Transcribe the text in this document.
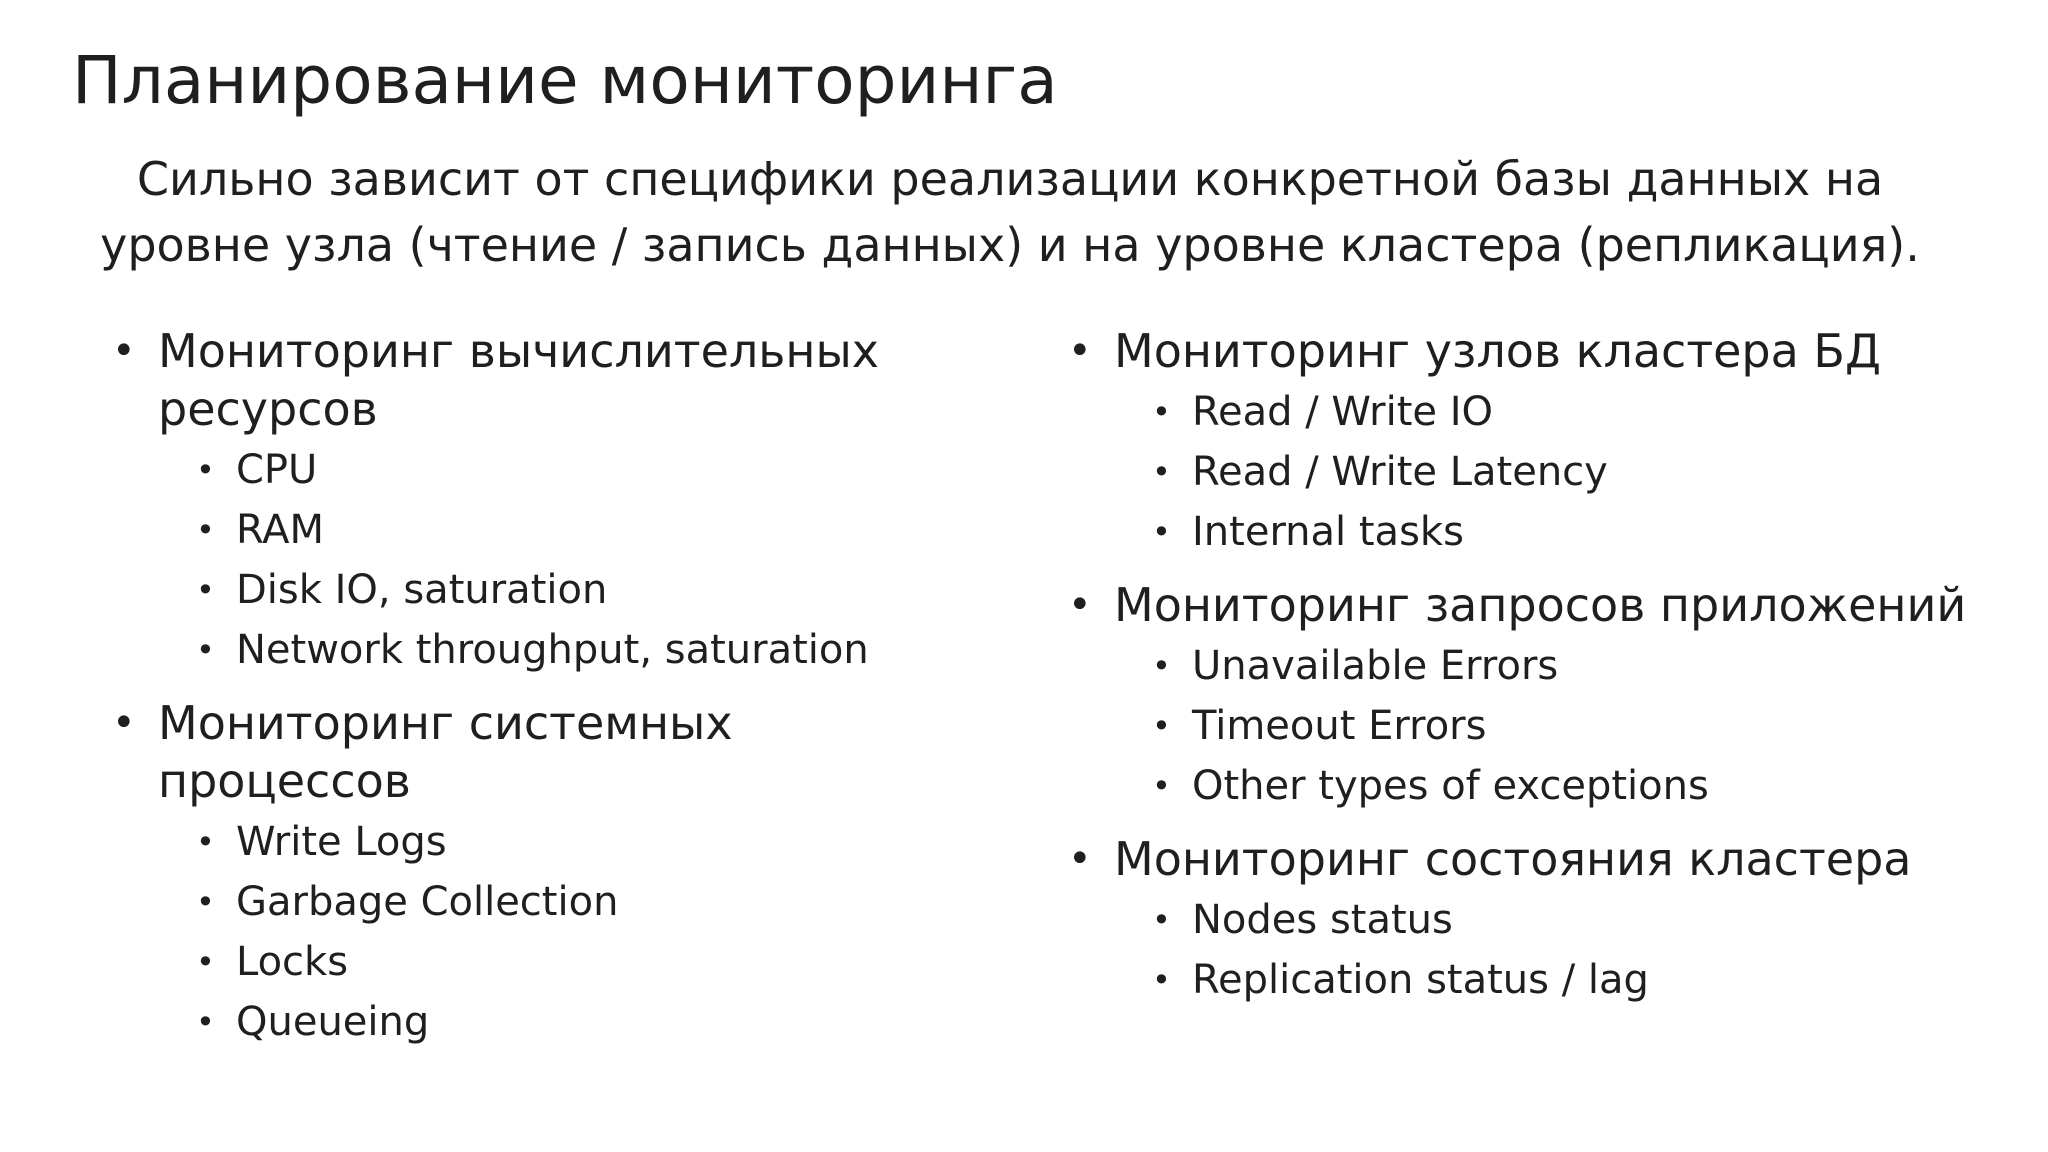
Планирование мониторинга
Сильно зависит от специфики реализации конкретной базы данных на уровне узла (чтение / запись данных) и на уровне кластера (репликация).
• Мониторинг вычислительных ресурсов
• CPU
• RAM
• Disk IO, saturation
• Network throughput, saturation
• Мониторинг системных процессов
• Write Logs
• Garbage Collection
• Locks
• Queueing
• Мониторинг узлов кластера БД
• Read / Write IO
• Read / Write Latency
• Internal tasks
• Мониторинг запросов приложений
• Unavailable Errors
• Timeout Errors
• Other types of exceptions
• Мониторинг состояния кластера
• Nodes status
• Replication status / lag
